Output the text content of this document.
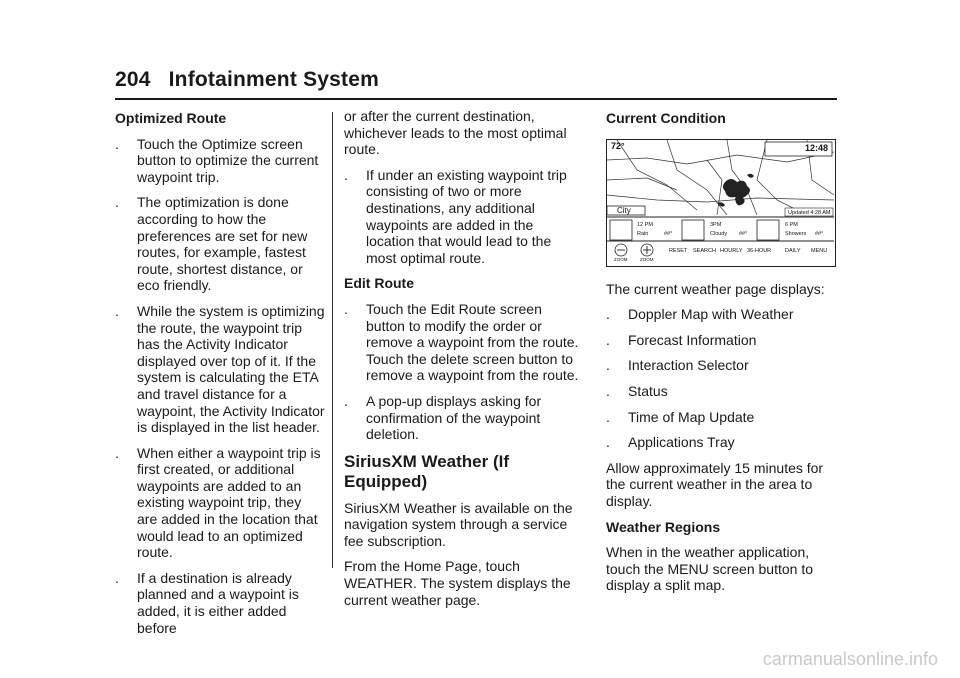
204 Infotainment System
Optimized Route
. Touch the Optimize screen button to optimize the current waypoint trip.
. The optimization is done according to how the preferences are set for new routes, for example, fastest route, shortest distance, or eco friendly.
. While the system is optimizing the route, the waypoint trip has the Activity Indicator displayed over top of it. If the system is calculating the ETA and travel distance for a waypoint, the Activity Indicator is displayed in the list header.
. When either a waypoint trip is first created, or additional waypoints are added to an existing waypoint trip, they are added in the location that would lead to an optimized route.
. If a destination is already planned and a waypoint is added, it is either added before
or after the current destination, whichever leads to the most optimal route.
. If under an existing waypoint trip consisting of two or more destinations, any additional waypoints are added in the location that would lead to the most optimal route.
Edit Route
. Touch the Edit Route screen button to modify the order or remove a waypoint from the route. Touch the delete screen button to remove a waypoint from the route.
. A pop-up displays asking for confirmation of the waypoint deletion.
SiriusXM Weather (If Equipped)
SiriusXM Weather is available on the navigation system through a service fee subscription.
From the Home Page, touch WEATHER. The system displays the current weather page.
Current Condition
72°	12:48
City	Updated 4:28 AM
12 PM
Rain	##°
3PM
Cloudy ##°
6 PM
Showers ##°
ZOOM	ZOOM
RESET SEARCH HOURLY 36-HOUR	DAILY MENU
The current weather page displays:
. Doppler Map with Weather
. Forecast Information
. Interaction Selector
. Status
. Time of Map Update
. Applications Tray
Allow approximately 15 minutes for the current weather in the area to display.
Weather Regions
When in the weather application, touch the MENU screen button to display a split map.
carmanualsonline.info
